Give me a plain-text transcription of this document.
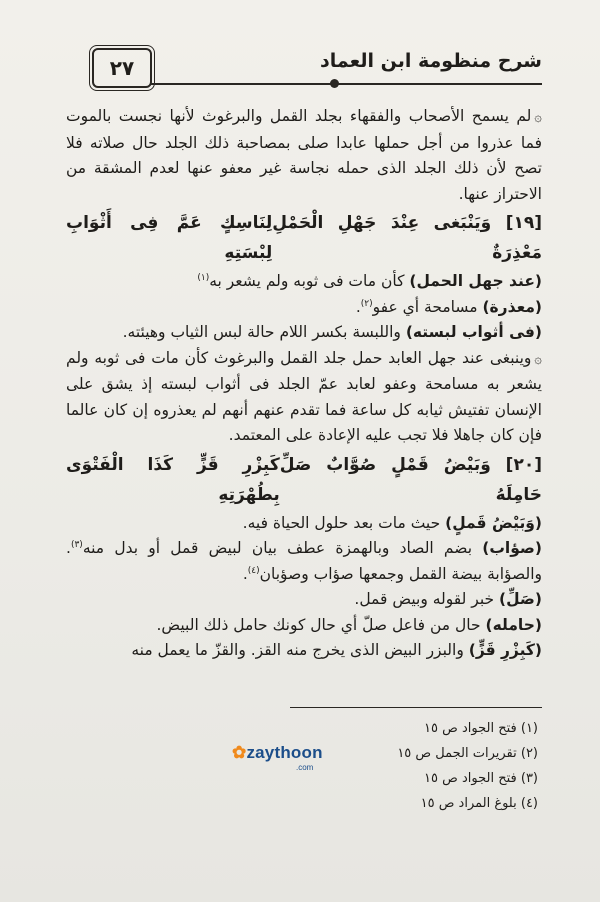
٢٧	شرح منظومة ابن العماد

۞لم يسمح الأصحاب والفقهاء بجلد القمل والبرغوث لأنها نجست بالموت فما عذروا من أجل حملها عابدا صلى بمصاحبة ذلك الجلد حال صلاته فلا تصح لأن ذلك الجلد الذى حمله نجاسة غير معفو عنها لعدم المشقة من الاحتراز عنها.

[١٩] وَيَنْبَغى عِنْدَ جَهْلِ الْحَمْلِ مَعْذِرَةٌ
لِنَاسِكٍ عَمَّ فِى أَثْوَابِ لِبْسَتِهِ

(عند جهل الحمل) كأن مات فى ثوبه ولم يشعر به$^{(١)}$

(معذرة) مسامحة أي عفو$^{(٢)}$.

(فى أثواب لبسته) واللبسة بكسر اللام حالة لبس الثياب وهيئته.

۞وينبغى عند جهل العابد حمل جلد القمل والبرغوث كأن مات فى ثوبه ولم يشعر به مسامحة وعفو لعابد عمّ الجلد فى أثواب لبسته إذ يشق على الإنسان تفتيش ثيابه كل ساعة فما تقدم عنهم أنهم لم يعذروه إن كان عالما فإن كان جاهلا فلا تجب عليه الإعادة على المعتمد.

[٢٠] وَبَيْضُ قَمْلٍ صُوَّابٌ صَلِّ حَامِلَهُ
كَبِزْرِ قَزٍّ كَذَا الْفَتْوَى بِطُهْرَتِهِ

(وَبَيْضُ قَملٍ) حيث مات بعد حلول الحياة فيه.

(صؤاب) بضم الصاد وبالهمزة عطف بيان لبيض قمل أو بدل منه$^{(٣)}$. والصؤابة بيضة القمل وجمعها صؤاب وصؤبان$^{(٤)}$.

(صَلِّ) خبر لقوله وبيض قمل.

(حامله) حال من فاعل صلّ أي حال كونك حامل ذلك البيض.

(كَبِزْرِ قَزٍّ) والبزر البيض الذى يخرج منه القز. والقزّ ما يعمل منه

(١) فتح الجواد ص ١٥
(٢) تقريرات الجمل ص ١٥
(٣) فتح الجواد ص ١٥
(٤) بلوغ المراد ص ١٥
✿zaythoon
.com
